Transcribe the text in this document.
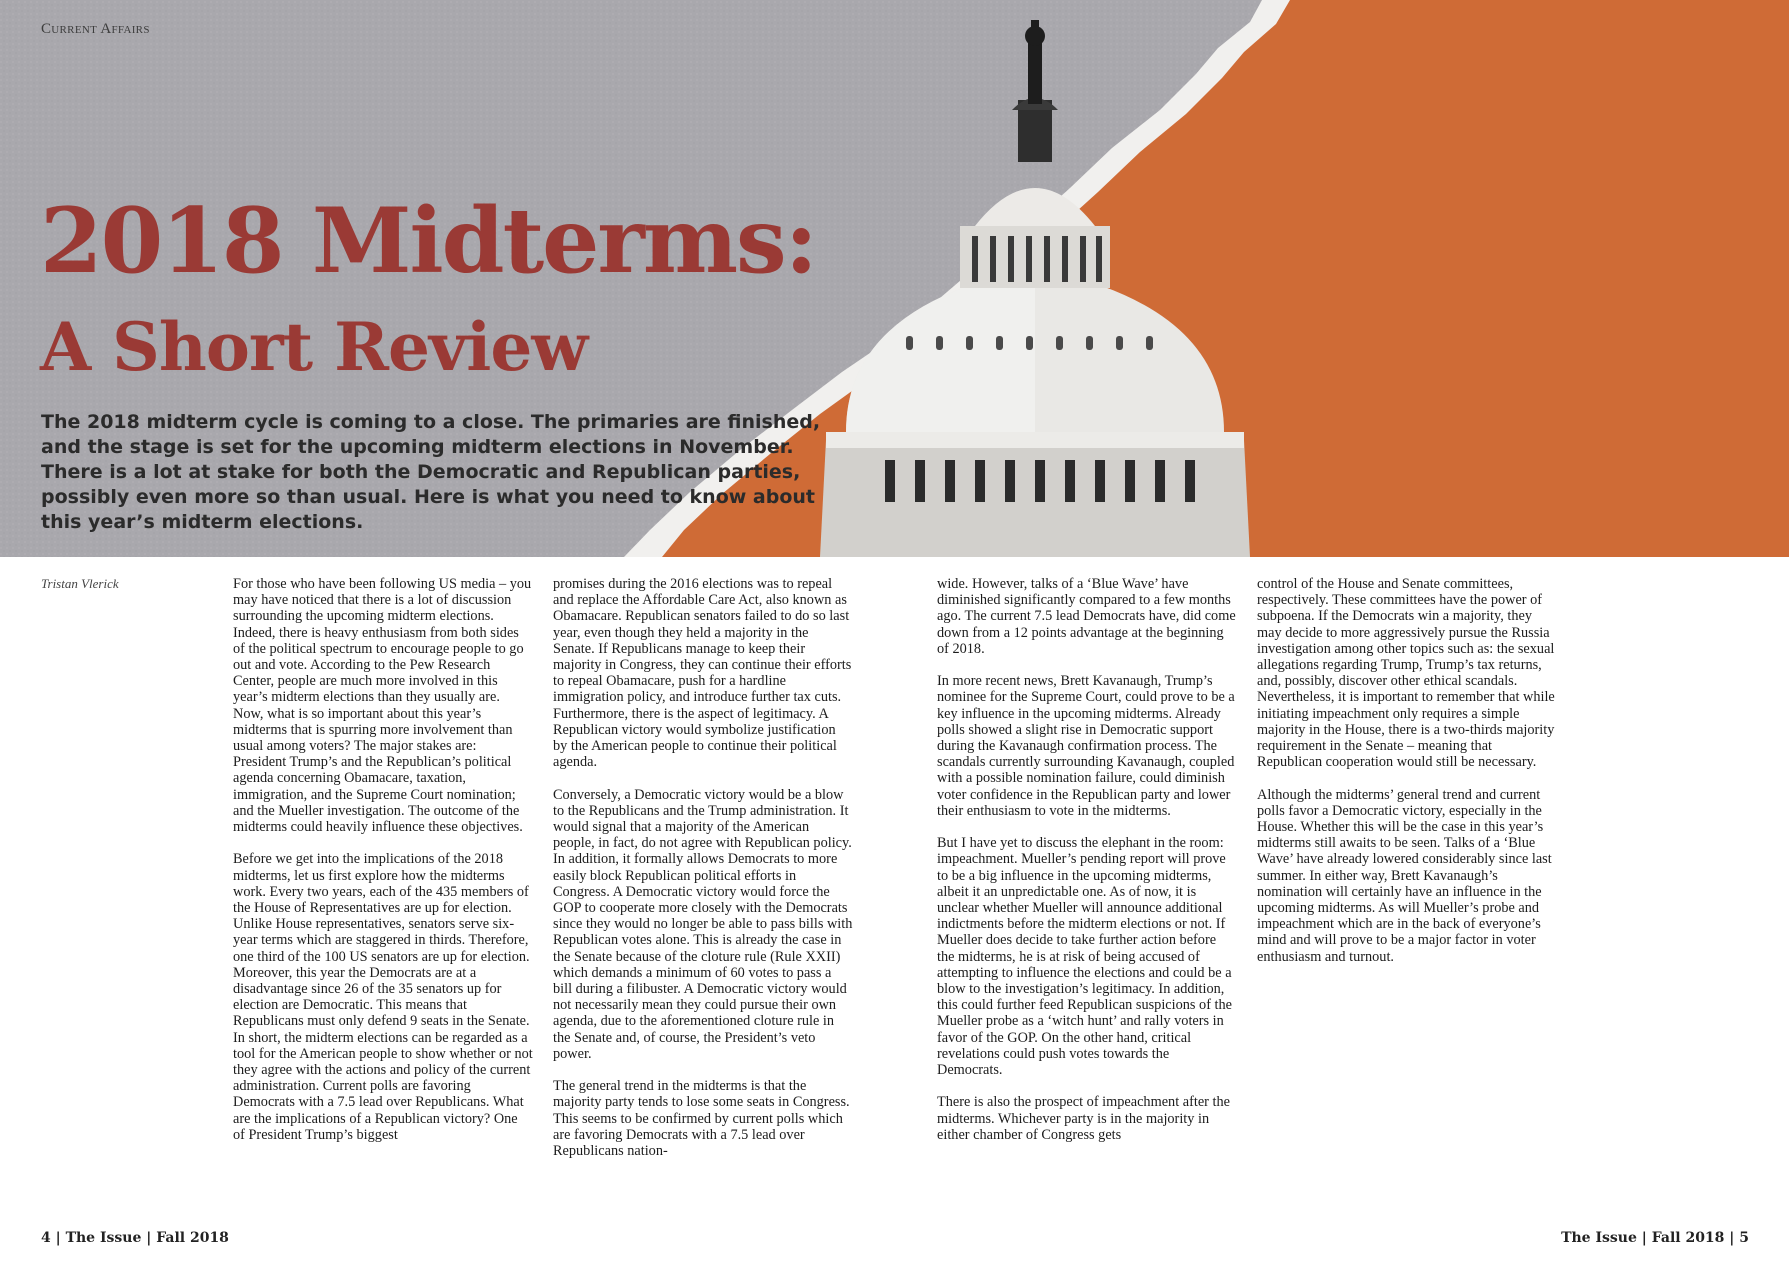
Current Affairs
2018 Midterms:
A Short Review

The 2018 midterm cycle is coming to a close. The primaries are finished, and the stage is set for the upcoming midterm elections in November. There is a lot at stake for both the Democratic and Republican parties, possibly even more so than usual. Here is what you need to know about this year’s midterm elections.

Tristan Vlerick	For those who have been following US media – you may have noticed that there is a lot of discussion surrounding the upcoming midterm elections. Indeed, there is heavy enthusiasm from both sides of the political spectrum to encourage people to go out and vote. According to the Pew Research Center, people are much more involved in this year’s midterm elections than they usually are. Now, what is so important about this year’s midterms that is spurring more involvement than usual among voters? The major stakes are: President Trump’s and the Republican’s political agenda concerning Obamacare, taxation, immigration, and the Supreme Court nomination; and the Mueller investigation. The outcome of the midterms could heavily influence these objectives.

Before we get into the implications of the 2018 midterms, let us first explore how the midterms work. Every two years, each of the 435 members of the House of Representatives are up for election. Unlike House representatives, senators serve six-year terms which are staggered in thirds. Therefore, one third of the 100 US senators are up for election. Moreover, this year the Democrats are at a disadvantage since 26 of the 35 senators up for election are Democratic. This means that Republicans must only defend 9 seats in the Senate. In short, the midterm elections can be regarded as a tool for the American people to show whether or not they agree with the actions and policy of the current administration. Current polls are favoring Democrats with a 7.5 lead over Republicans. What are the implications of a Republican victory? One of President Trump’s biggest

promises during the 2016 elections was to repeal and replace the Affordable Care Act, also known as Obamacare. Republican senators failed to do so last year, even though they held a majority in the Senate. If Republicans manage to keep their majority in Congress, they can continue their efforts to repeal Obamacare, push for a hardline immigration policy, and introduce further tax cuts. Furthermore, there is the aspect of legitimacy. A Republican victory would symbolize justification by the American people to continue their political agenda.

Conversely, a Democratic victory would be a blow to the Republicans and the Trump administration. It would signal that a majority of the American people, in fact, do not agree with Republican policy. In addition, it formally allows Democrats to more easily block Republican political efforts in Congress. A Democratic victory would force the GOP to cooperate more closely with the Democrats since they would no longer be able to pass bills with Republican votes alone. This is already the case in the Senate because of the cloture rule (Rule XXII) which demands a minimum of 60 votes to pass a bill during a filibuster. A Democratic victory would not necessarily mean they could pursue their own agenda, due to the aforementioned cloture rule in the Senate and, of course, the President’s veto power.

The general trend in the midterms is that the majority party tends to lose some seats in Congress. This seems to be confirmed by current polls which are favoring Democrats with a 7.5 lead over Republicans nation-

wide. However, talks of a ‘Blue Wave’ have diminished significantly compared to a few months ago. The current 7.5 lead Democrats have, did come down from a 12 points advantage at the beginning of 2018.

In more recent news, Brett Kavanaugh, Trump’s nominee for the Supreme Court, could prove to be a key influence in the upcoming midterms. Already polls showed a slight rise in Democratic support during the Kavanaugh confirmation process. The scandals currently surrounding Kavanaugh, coupled with a possible nomination failure, could diminish voter confidence in the Republican party and lower their enthusiasm to vote in the midterms.

But I have yet to discuss the elephant in the room: impeachment. Mueller’s pending report will prove to be a big influence in the upcoming midterms, albeit it an unpredictable one. As of now, it is unclear whether Mueller will announce additional indictments before the midterm elections or not. If Mueller does decide to take further action before the midterms, he is at risk of being accused of attempting to influence the elections and could be a blow to the investigation’s legitimacy. In addition, this could further feed Republican suspicions of the Mueller probe as a ‘witch hunt’ and rally voters in favor of the GOP. On the other hand, critical revelations could push votes towards the Democrats.

There is also the prospect of impeachment after the midterms. Whichever party is in the majority in either chamber of Congress gets

control of the House and Senate committees, respectively. These committees have the power of subpoena. If the Democrats win a majority, they may decide to more aggressively pursue the Russia investigation among other topics such as: the sexual allegations regarding Trump, Trump’s tax returns, and, possibly, discover other ethical scandals. Nevertheless, it is important to remember that while initiating impeachment only requires a simple majority in the House, there is a two-thirds majority requirement in the Senate – meaning that Republican cooperation would still be necessary.

Although the midterms’ general trend and current polls favor a Democratic victory, especially in the House. Whether this will be the case in this year’s midterms still awaits to be seen. Talks of a ‘Blue Wave’ have already lowered considerably since last summer. In either way, Brett Kavanaugh’s nomination will certainly have an influence in the upcoming midterms. As will Mueller’s probe and impeachment which are in the back of everyone’s mind and will prove to be a major factor in voter enthusiasm and turnout.

4 | The Issue | Fall 2018	The Issue | Fall 2018 | 5
